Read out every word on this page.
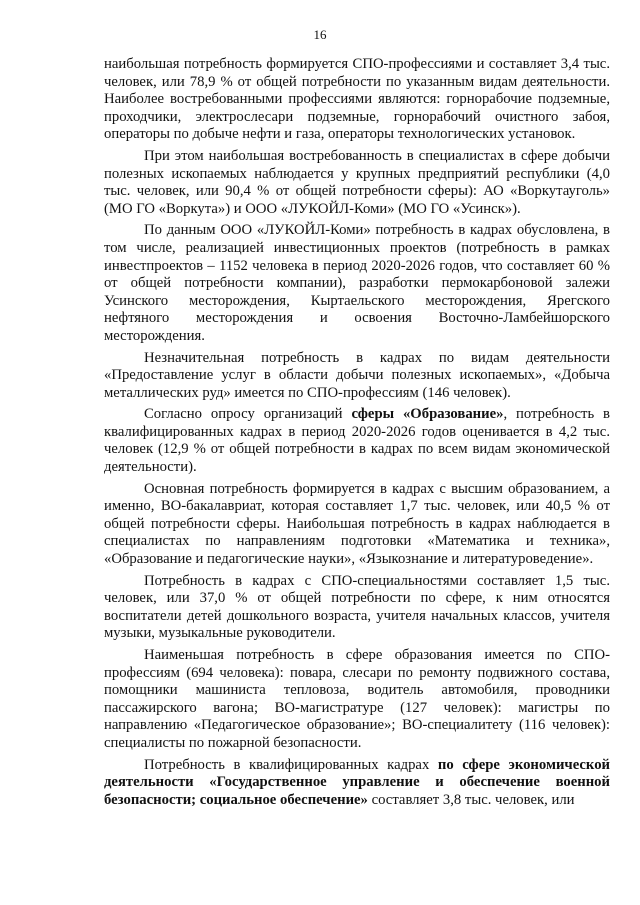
16

наибольшая потребность формируется СПО-профессиями и составляет 3,4 тыс. человек, или 78,9 % от общей потребности по указанным видам деятельности. Наиболее востребованными профессиями являются: горнорабочие подземные, проходчики, электрослесари подземные, горнорабочий очистного забоя, операторы по добыче нефти и газа, операторы технологических установок.

При этом наибольшая востребованность в специалистах в сфере добычи полезных ископаемых наблюдается у крупных предприятий республики (4,0 тыс. человек, или 90,4 % от общей потребности сферы): АО «Воркутауголь» (МО ГО «Воркута») и ООО «ЛУКОЙЛ-Коми» (МО ГО «Усинск»).

По данным ООО «ЛУКОЙЛ-Коми» потребность в кадрах обусловлена, в том числе, реализацией инвестиционных проектов (потребность в рамках инвестпроектов – 1152 человека в период 2020-2026 годов, что составляет 60 % от общей потребности компании), разработки пермокарбоновой залежи Усинского месторождения, Кыртаельского месторождения, Ярегского нефтяного месторождения и освоения Восточно-Ламбейшорского месторождения.

Незначительная потребность в кадрах по видам деятельности «Предоставление услуг в области добычи полезных ископаемых», «Добыча металлических руд» имеется по СПО-профессиям (146 человек).

Согласно опросу организаций сферы «Образование», потребность в квалифицированных кадрах в период 2020-2026 годов оценивается в 4,2 тыс. человек (12,9 % от общей потребности в кадрах по всем видам экономической деятельности).

Основная потребность формируется в кадрах с высшим образованием, а именно, ВО-бакалавриат, которая составляет 1,7 тыс. человек, или 40,5 % от общей потребности сферы. Наибольшая потребность в кадрах наблюдается в специалистах по направлениям подготовки «Математика и техника», «Образование и педагогические науки», «Языкознание и литературоведение».

Потребность в кадрах с СПО-специальностями составляет 1,5 тыс. человек, или 37,0 % от общей потребности по сфере, к ним относятся воспитатели детей дошкольного возраста, учителя начальных классов, учителя музыки, музыкальные руководители.

Наименьшая потребность в сфере образования имеется по СПО-профессиям (694 человека): повара, слесари по ремонту подвижного состава, помощники машиниста тепловоза, водитель автомобиля, проводники пассажирского вагона; ВО-магистратуре (127 человек): магистры по направлению «Педагогическое образование»; ВО-специалитету (116 человек): специалисты по пожарной безопасности.

Потребность в квалифицированных кадрах по сфере экономической деятельности «Государственное управление и обеспечение военной безопасности; социальное обеспечение» составляет 3,8 тыс. человек, или
